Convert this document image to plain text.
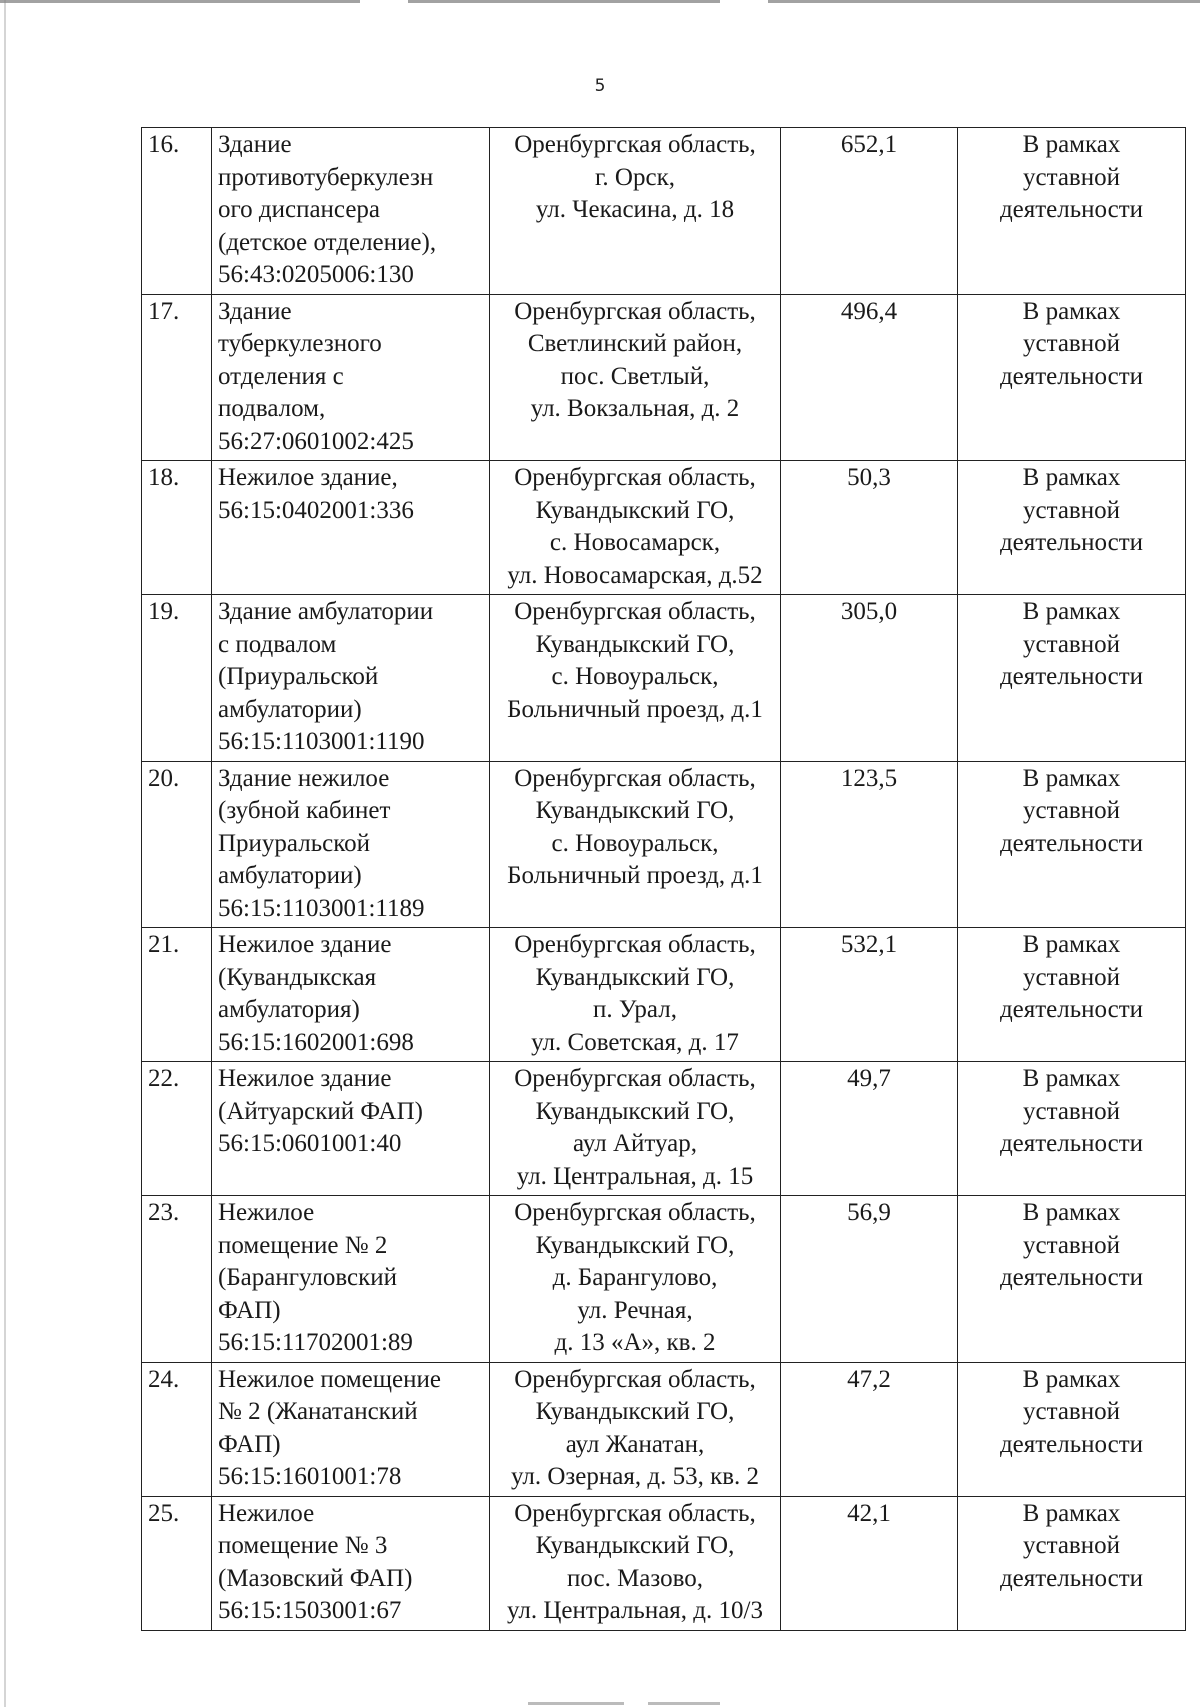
5
16.	Здание
противотуберкулезн
ого диспансера
(детское отделение),
56:43:0205006:130	Оренбургская область,
г. Орск,
ул. Чекасина, д. 18	652,1	В рамках
уставной
деятельности

17.	Здание
туберкулезного
отделения с
подвалом,
56:27:0601002:425	Оренбургская область,
Светлинский район,
пос. Светлый,
ул. Вокзальная, д. 2	496,4	В рамках
уставной
деятельности

18.	Нежилое здание,
56:15:0402001:336	Оренбургская область,
Кувандыкский ГО,
с. Новосамарск,
ул. Новосамарская, д.52	50,3	В рамках
уставной
деятельности

19.	Здание амбулатории
с подвалом
(Приуральской
амбулатории)
56:15:1103001:1190	Оренбургская область,
Кувандыкский ГО,
с. Новоуральск,
Больничный проезд, д.1	305,0	В рамках
уставной
деятельности

20.	Здание нежилое
(зубной кабинет
Приуральской
амбулатории)
56:15:1103001:1189	Оренбургская область,
Кувандыкский ГО,
с. Новоуральск,
Больничный проезд, д.1	123,5	В рамках
уставной
деятельности

21.	Нежилое здание
(Кувандыкская
амбулатория)
56:15:1602001:698	Оренбургская область,
Кувандыкский ГО,
п. Урал,
ул. Советская, д. 17	532,1	В рамках
уставной
деятельности

22.	Нежилое здание
(Айтуарский ФАП)
56:15:0601001:40	Оренбургская область,
Кувандыкский ГО,
аул Айтуар,
ул. Центральная, д. 15	49,7	В рамках
уставной
деятельности

23.	Нежилое
помещение № 2
(Барангуловский
ФАП)
56:15:11702001:89	Оренбургская область,
Кувандыкский ГО,
д. Барангулово,
ул. Речная,
д. 13 «А», кв. 2	56,9	В рамках
уставной
деятельности

24.	Нежилое помещение
№ 2 (Жанатанский
ФАП)
56:15:1601001:78	Оренбургская область,
Кувандыкский ГО,
аул Жанатан,
ул. Озерная, д. 53, кв. 2	47,2	В рамках
уставной
деятельности

25.	Нежилое
помещение № 3
(Мазовский ФАП)
56:15:1503001:67	Оренбургская область,
Кувандыкский ГО,
пос. Мазово,
ул. Центральная, д. 10/3	42,1	В рамках
уставной
деятельности
